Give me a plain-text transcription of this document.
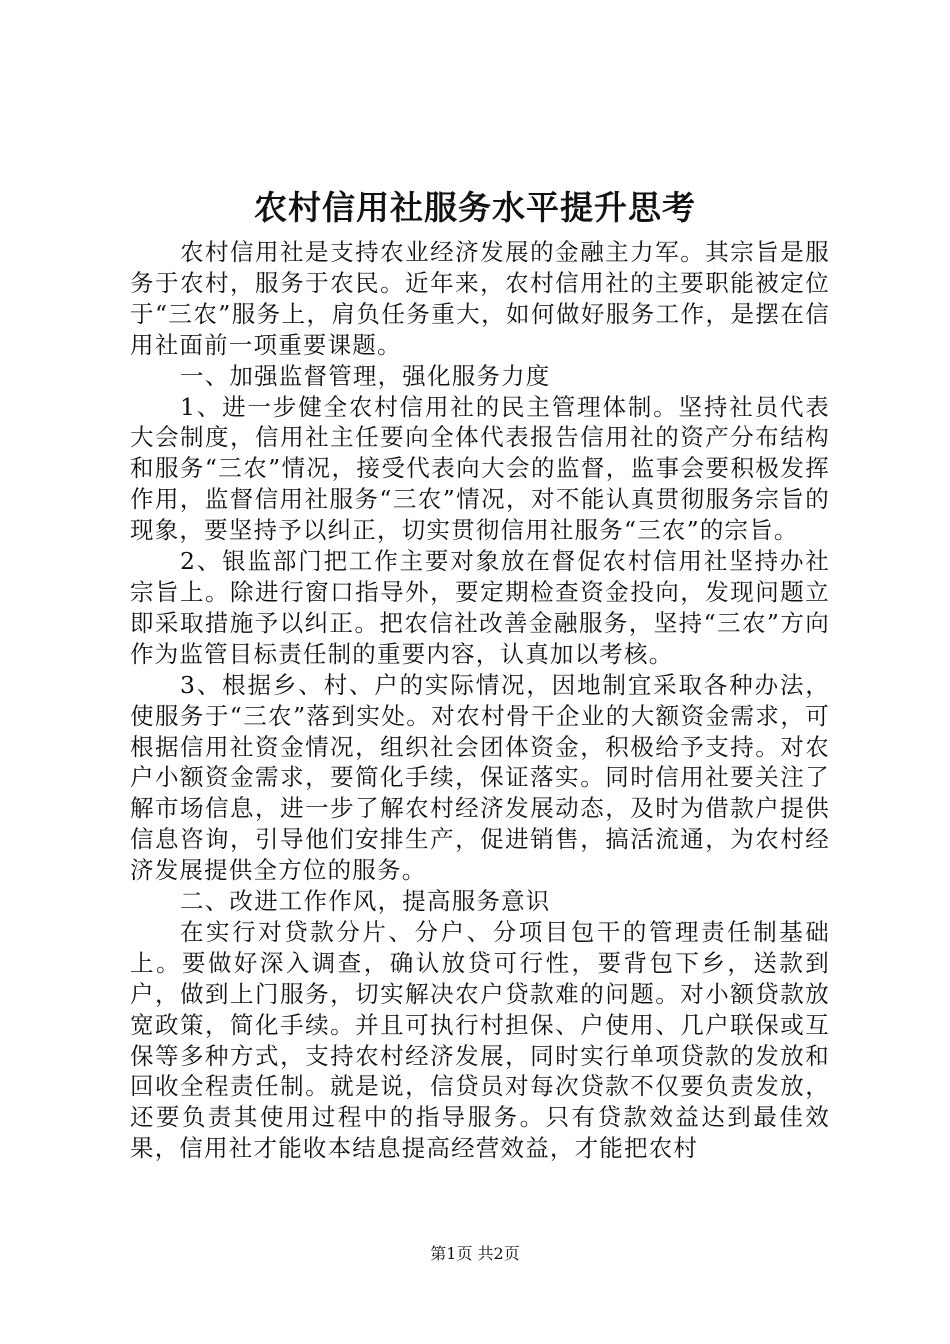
农村信用社服务水平提升思考

农村信用社是支持农业经济发展的金融主力军。其宗旨是服务于农村，服务于农民。近年来，农村信用社的主要职能被定位于“三农”服务上，肩负任务重大，如何做好服务工作，是摆在信用社面前一项重要课题。

一、加强监督管理，强化服务力度

1、进一步健全农村信用社的民主管理体制。坚持社员代表大会制度，信用社主任要向全体代表报告信用社的资产分布结构和服务“三农”情况，接受代表向大会的监督，监事会要积极发挥作用，监督信用社服务“三农”情况，对不能认真贯彻服务宗旨的现象，要坚持予以纠正，切实贯彻信用社服务“三农”的宗旨。

2、银监部门把工作主要对象放在督促农村信用社坚持办社宗旨上。除进行窗口指导外，要定期检查资金投向，发现问题立即采取措施予以纠正。把农信社改善金融服务，坚持“三农”方向作为监管目标责任制的重要内容，认真加以考核。

3、根据乡、村、户的实际情况，因地制宜采取各种办法，使服务于“三农”落到实处。对农村骨干企业的大额资金需求，可根据信用社资金情况，组织社会团体资金，积极给予支持。对农户小额资金需求，要简化手续，保证落实。同时信用社要关注了解市场信息，进一步了解农村经济发展动态，及时为借款户提供信息咨询，引导他们安排生产，促进销售，搞活流通，为农村经济发展提供全方位的服务。

二、改进工作作风，提高服务意识

在实行对贷款分片、分户、分项目包干的管理责任制基础上。要做好深入调查，确认放贷可行性，要背包下乡，送款到户，做到上门服务，切实解决农户贷款难的问题。对小额贷款放宽政策，简化手续。并且可执行村担保、户使用、几户联保或互保等多种方式，支持农村经济发展，同时实行单项贷款的发放和回收全程责任制。就是说，信贷员对每次贷款不仅要负责发放，还要负责其使用过程中的指导服务。只有贷款效益达到最佳效果，信用社才能收本结息提高经营效益，才能把农村

第1页 共2页
